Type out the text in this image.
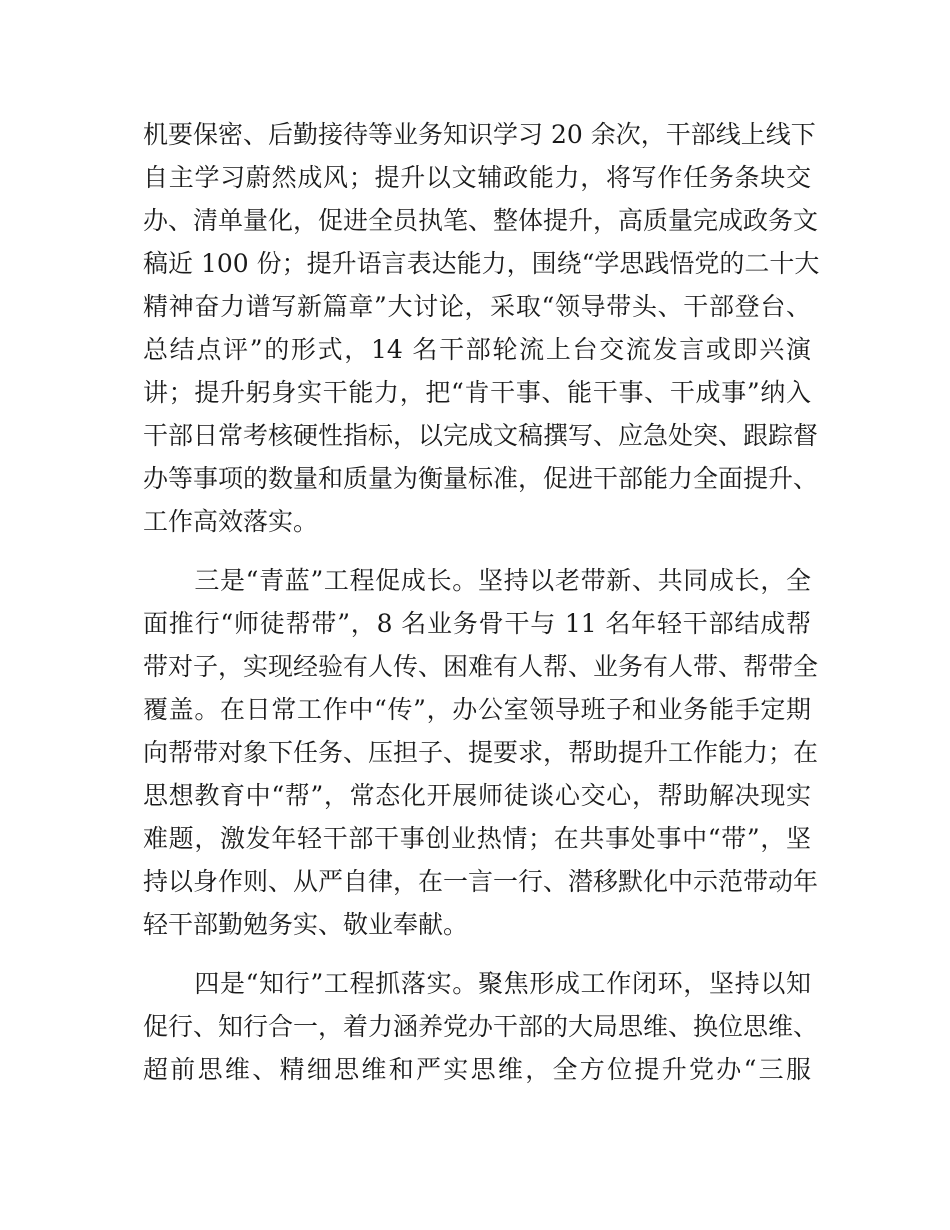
机要保密、后勤接待等业务知识学习 20 余次，干部线上线下
自主学习蔚然成风；提升以文辅政能力，将写作任务条块交
办、清单量化，促进全员执笔、整体提升，高质量完成政务文
稿近 100 份；提升语言表达能力，围绕“学思践悟党的二十大
精神奋力谱写新篇章”大讨论，采取“领导带头、干部登台、
总结点评”的形式，14 名干部轮流上台交流发言或即兴演
讲；提升躬身实干能力，把“肯干事、能干事、干成事”纳入
干部日常考核硬性指标，以完成文稿撰写、应急处突、跟踪督
办等事项的数量和质量为衡量标准，促进干部能力全面提升、
工作高效落实。
　　三是“青蓝”工程促成长。坚持以老带新、共同成长，全
面推行“师徒帮带”，8 名业务骨干与 11 名年轻干部结成帮
带对子，实现经验有人传、困难有人帮、业务有人带、帮带全
覆盖。在日常工作中“传”，办公室领导班子和业务能手定期
向帮带对象下任务、压担子、提要求，帮助提升工作能力；在
思想教育中“帮”，常态化开展师徒谈心交心，帮助解决现实
难题，激发年轻干部干事创业热情；在共事处事中“带”，坚
持以身作则、从严自律，在一言一行、潜移默化中示范带动年
轻干部勤勉务实、敬业奉献。
　　四是“知行”工程抓落实。聚焦形成工作闭环，坚持以知
促行、知行合一，着力涵养党办干部的大局思维、换位思维、
超前思维、精细思维和严实思维，全方位提升党办“三服
